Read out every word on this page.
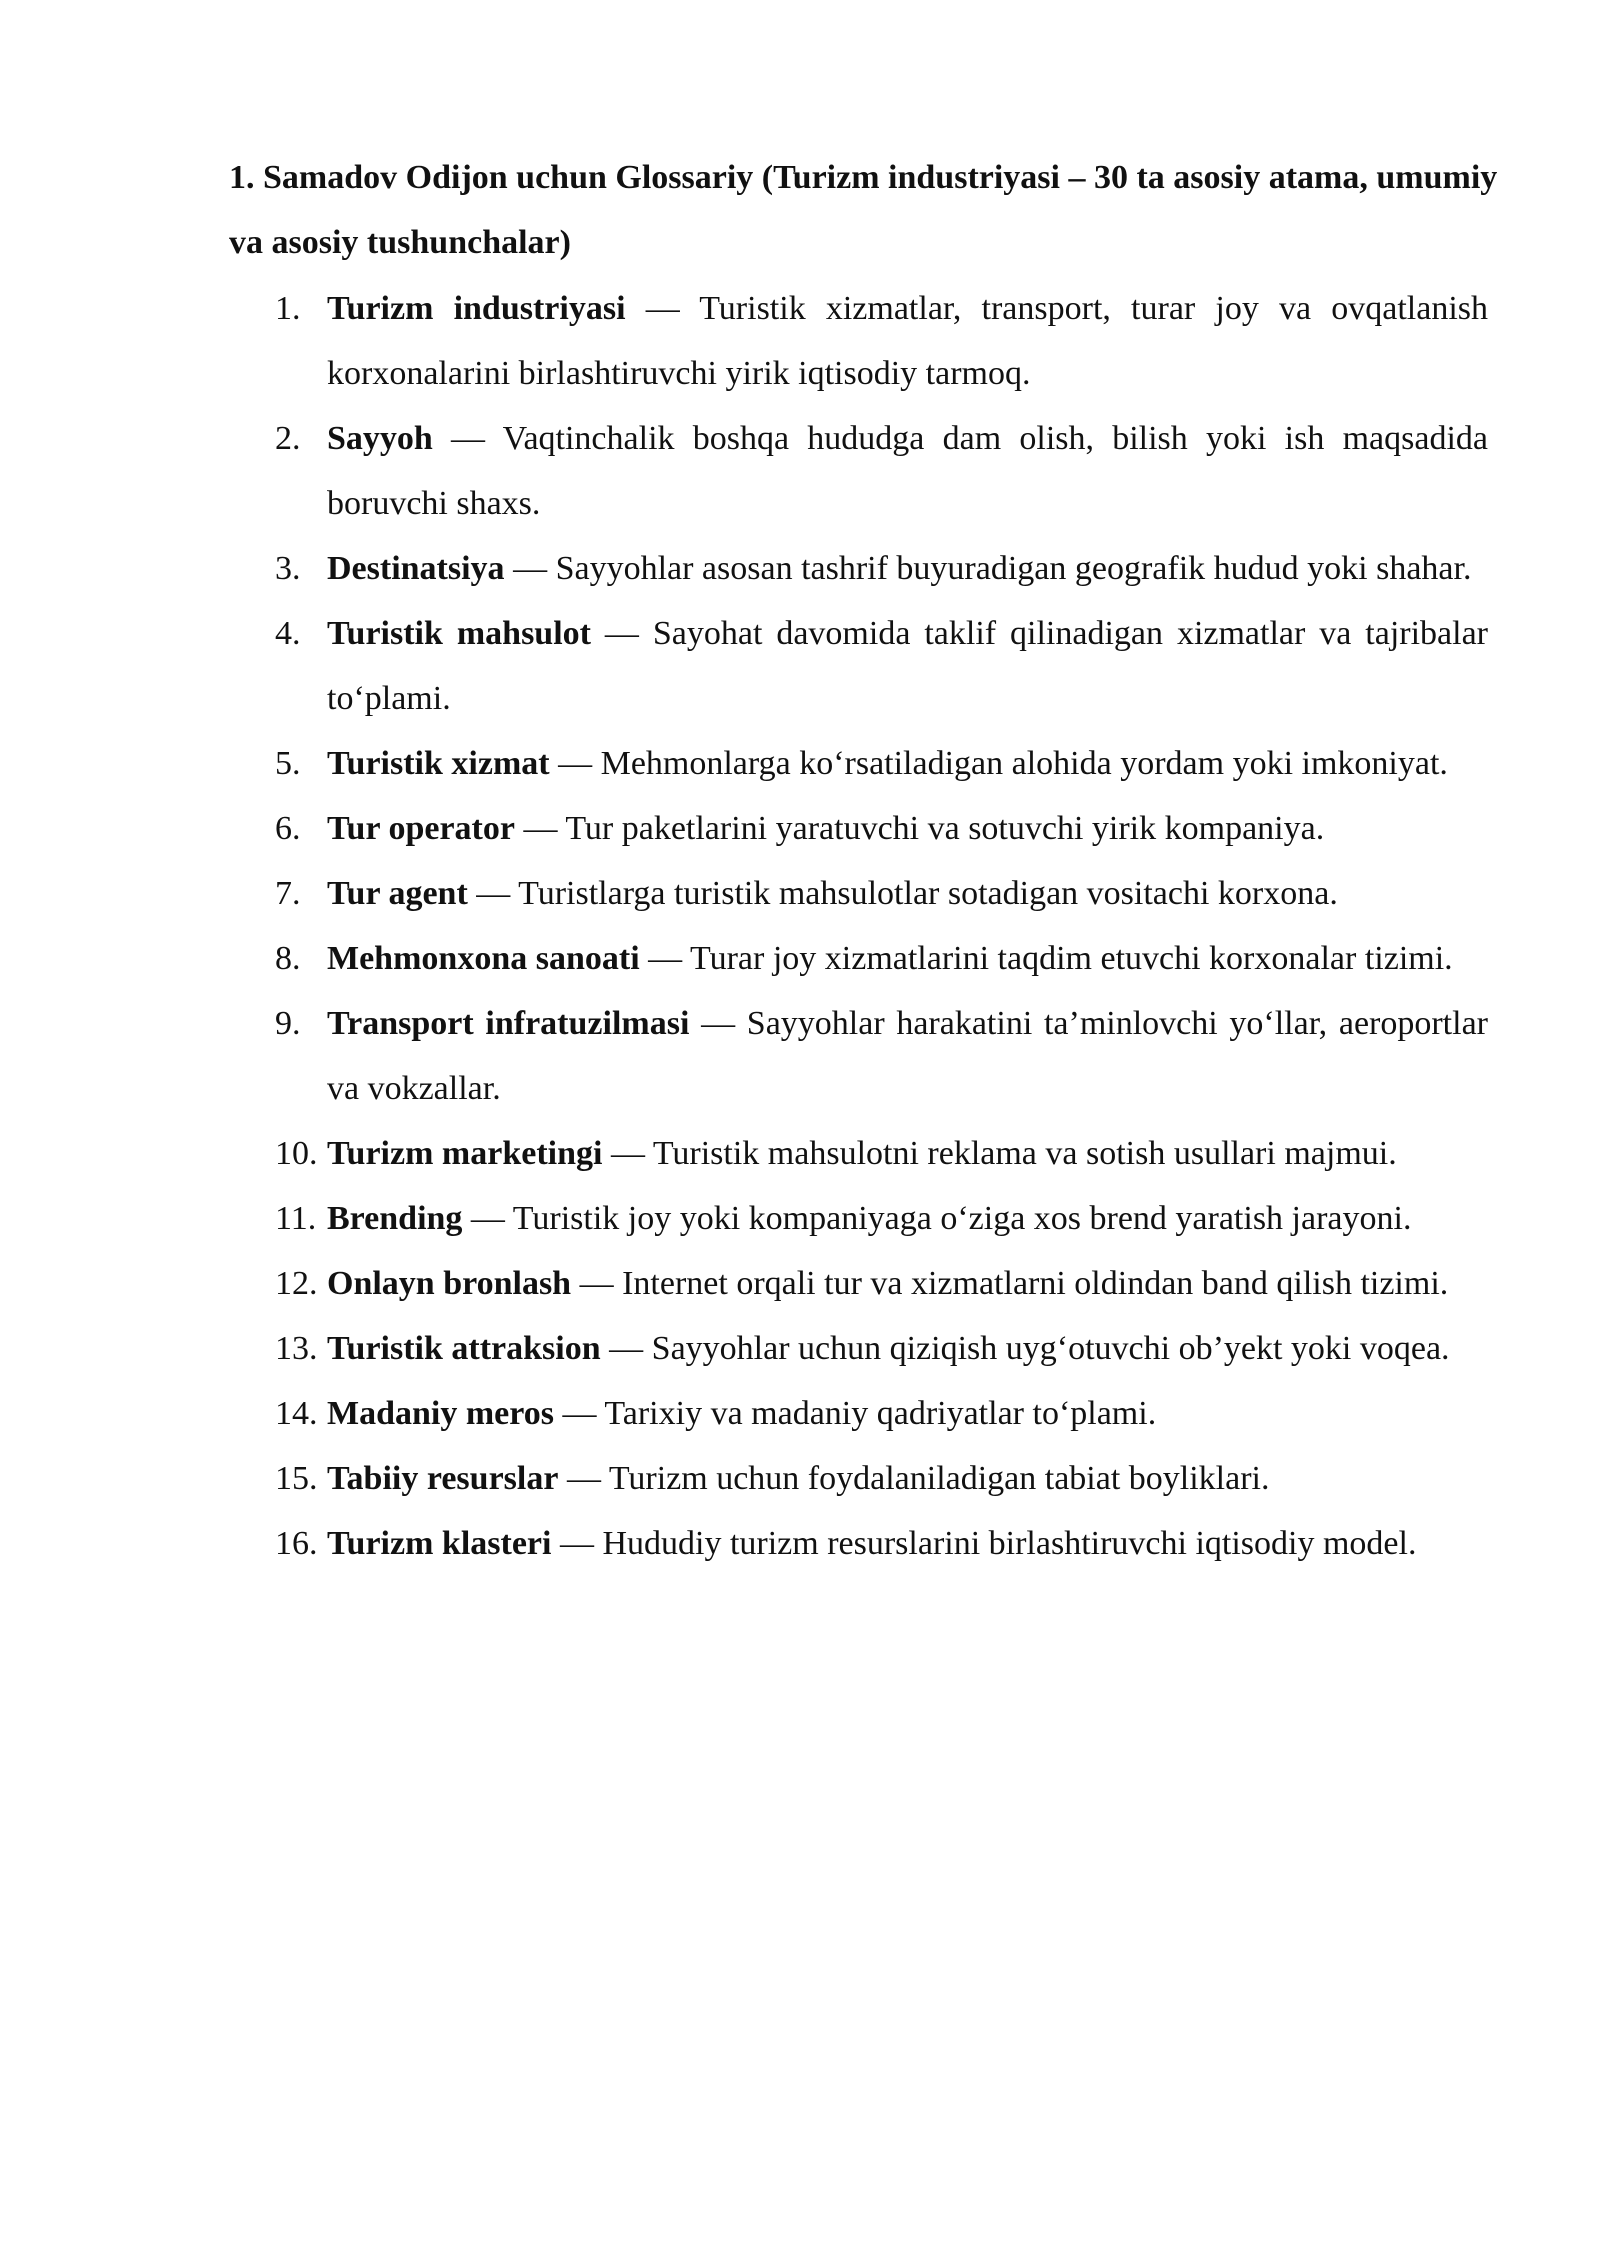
1. Samadov Odijon uchun Glossariy (Turizm industriyasi – 30 ta asosiy atama, umumiy va asosiy tushunchalar)
1. Turizm industriyasi — Turistik xizmatlar, transport, turar joy va ovqatlanish korxonalarini birlashtiruvchi yirik iqtisodiy tarmoq.
2. Sayyoh — Vaqtinchalik boshqa hududga dam olish, bilish yoki ish maqsadida boruvchi shaxs.
3. Destinatsiya — Sayyohlar asosan tashrif buyuradigan geografik hudud yoki shahar.
4. Turistik mahsulot — Sayohat davomida taklif qilinadigan xizmatlar va tajribalar to‘plami.
5. Turistik xizmat — Mehmonlarga ko‘rsatiladigan alohida yordam yoki imkoniyat.
6. Tur operator — Tur paketlarini yaratuvchi va sotuvchi yirik kompaniya.
7. Tur agent — Turistlarga turistik mahsulotlar sotadigan vositachi korxona.
8. Mehmonxona sanoati — Turar joy xizmatlarini taqdim etuvchi korxonalar tizimi.
9. Transport infratuzilmasi — Sayyohlar harakatini ta’minlovchi yo‘llar, aeroportlar va vokzallar.
10. Turizm marketingi — Turistik mahsulotni reklama va sotish usullari majmui.
11. Brending — Turistik joy yoki kompaniyaga o‘ziga xos brend yaratish jarayoni.
12. Onlayn bronlash — Internet orqali tur va xizmatlarni oldindan band qilish tizimi.
13. Turistik attraksion — Sayyohlar uchun qiziqish uyg‘otuvchi ob’yekt yoki voqea.
14. Madaniy meros — Tarixiy va madaniy qadriyatlar to‘plami.
15. Tabiiy resurslar — Turizm uchun foydalaniladigan tabiat boyliklari.
16. Turizm klasteri — Hududiy turizm resurslarini birlashtiruvchi iqtisodiy model.
